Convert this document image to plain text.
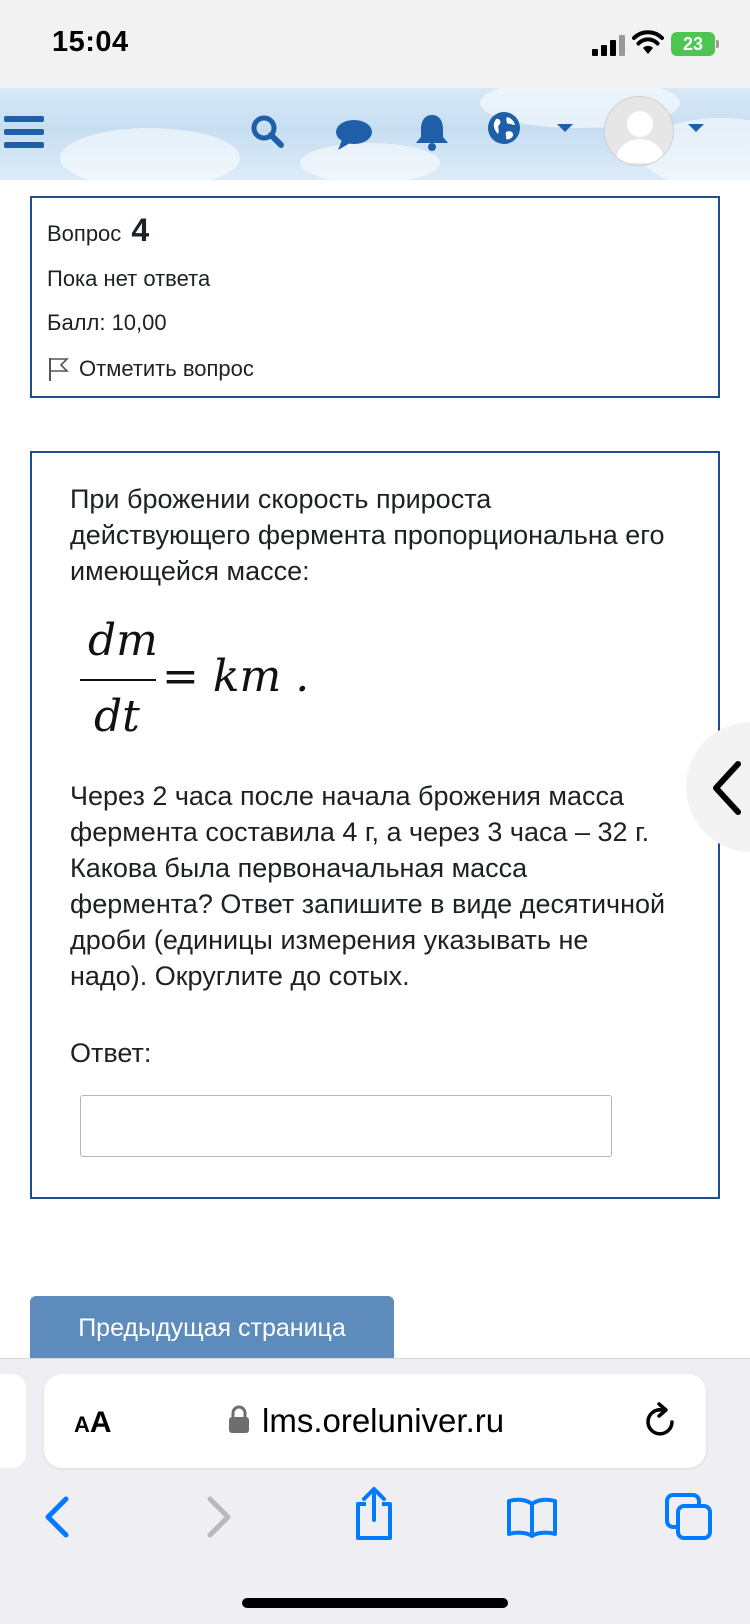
15:04	23
Вопрос 4
Пока нет ответа
Балл: 10,00
Отметить вопрос
При брожении скорость прироста действующего фермента пропорциональна его имеющейся массе:
dm
dt
= km .
Через 2 часа после начала брожения масса фермента составила 4 г, а через 3 часа – 32 г. Какова была первоначальная масса фермента? Ответ запишите в виде десятичной дроби (единицы измерения указывать не надо). Округлите до сотых.
Ответ:
Предыдущая страница
AA	lms.oreluniver.ru
